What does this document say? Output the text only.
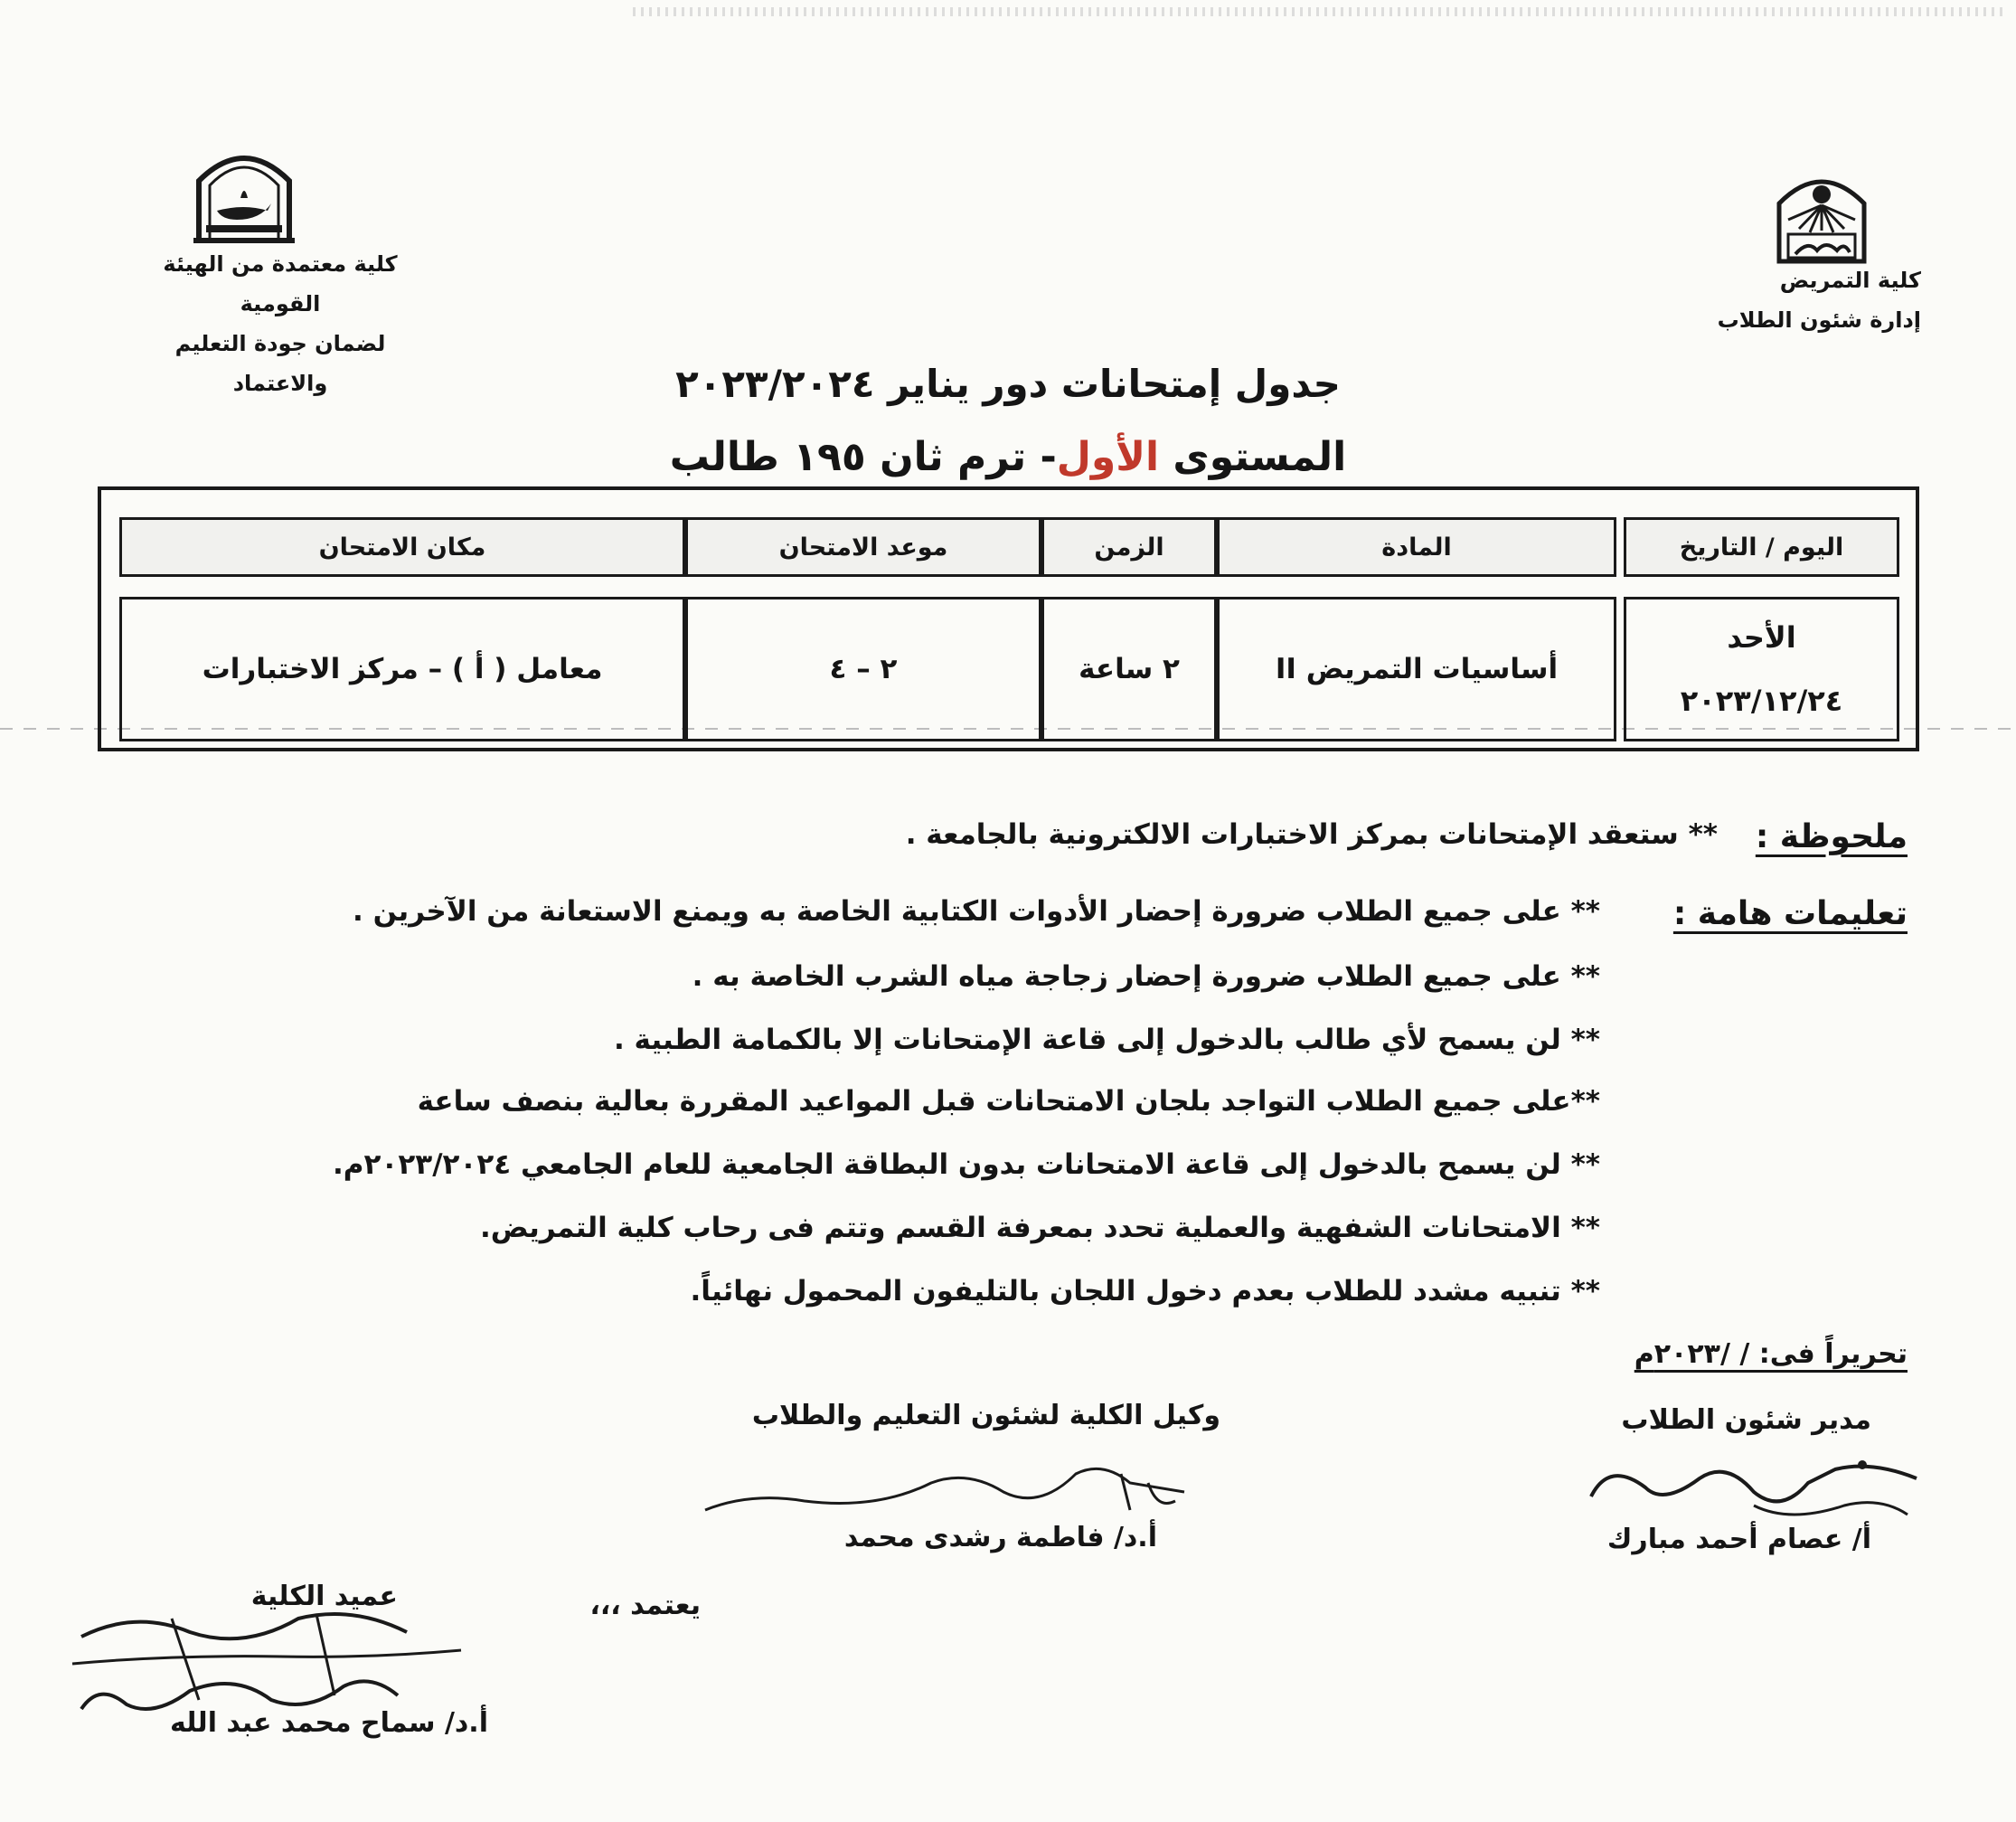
كلية معتمدة من الهيئة القومية
لضمان جودة التعليم والاعتماد
كلية التمريض
إدارة شئون الطلاب
جدول إمتحانات دور يناير ٢٠٢٣/٢٠٢٤
المستوى الأول- ترم ثان ١٩٥ طالب
اليوم / التاريخ
المادة
الزمن
موعد الامتحان
مكان الامتحان
الأحد
٢٠٢٣/١٢/٢٤
أساسيات التمريض II
٢ ساعة
٢ – ٤
معامل ( أ ) – مركز الاختبارات
ملحوظة :
** ستعقد الإمتحانات بمركز الاختبارات الالكترونية بالجامعة .
تعليمات هامة :
** على جميع الطلاب ضرورة إحضار الأدوات الكتابية الخاصة به ويمنع الاستعانة من الآخرين .
** على جميع الطلاب ضرورة إحضار زجاجة مياه الشرب الخاصة به .
** لن يسمح لأي طالب بالدخول إلى قاعة الإمتحانات إلا بالكمامة الطبية .
**على جميع الطلاب التواجد بلجان الامتحانات قبل المواعيد المقررة بعالية بنصف ساعة
** لن يسمح بالدخول إلى قاعة الامتحانات بدون البطاقة الجامعية للعام الجامعي ٢٠٢٣/٢٠٢٤م.
** الامتحانات الشفهية والعملية تحدد بمعرفة القسم وتتم فى رحاب كلية التمريض.
** تنبيه مشدد للطلاب بعدم دخول اللجان بالتليفون المحمول نهائياً.
تحريراً فى: / /٢٠٢٣م
مدير شئون الطلاب
أ/ عصام أحمد مبارك
وكيل الكلية لشئون التعليم والطلاب
أ.د/ فاطمة رشدى محمد
يعتمد ،،،
عميد الكلية
أ.د/ سماح محمد عبد الله
